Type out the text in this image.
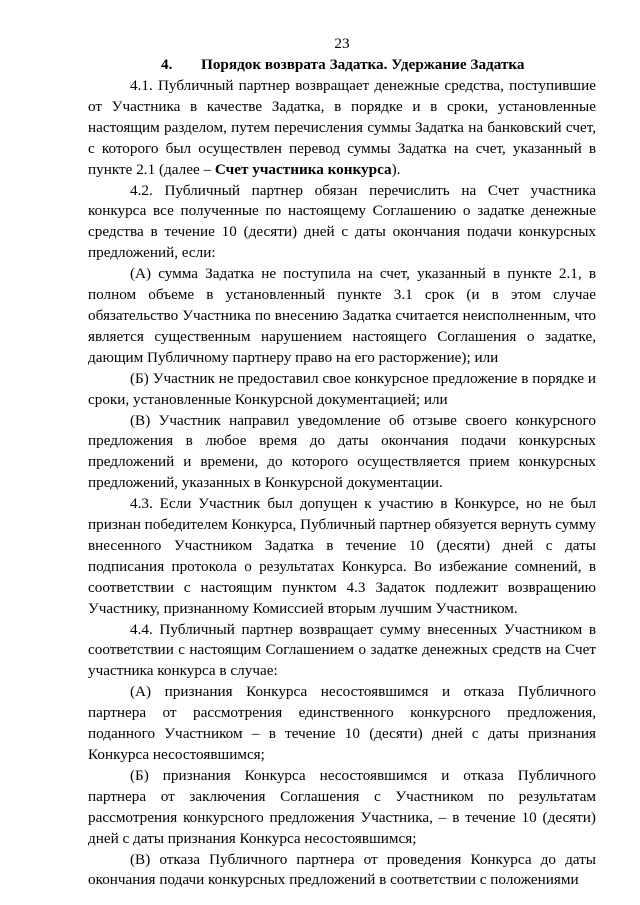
23
4. Порядок возврата Задатка. Удержание Задатка

4.1. Публичный партнер возвращает денежные средства, поступившие от Участника в качестве Задатка, в порядке и в сроки, установленные настоящим разделом, путем перечисления суммы Задатка на банковский счет, с которого был осуществлен перевод суммы Задатка на счет, указанный в пункте 2.1 (далее – Счет участника конкурса).

4.2. Публичный партнер обязан перечислить на Счет участника конкурса все полученные по настоящему Соглашению о задатке денежные средства в течение 10 (десяти) дней с даты окончания подачи конкурсных предложений, если:

(А) сумма Задатка не поступила на счет, указанный в пункте 2.1, в полном объеме в установленный пункте 3.1 срок (и в этом случае обязательство Участника по внесению Задатка считается неисполненным, что является существенным нарушением настоящего Соглашения о задатке, дающим Публичному партнеру право на его расторжение); или

(Б) Участник не предоставил свое конкурсное предложение в порядке и сроки, установленные Конкурсной документацией; или

(В) Участник направил уведомление об отзыве своего конкурсного предложения в любое время до даты окончания подачи конкурсных предложений и времени, до которого осуществляется прием конкурсных предложений, указанных в Конкурсной документации.

4.3. Если Участник был допущен к участию в Конкурсе, но не был признан победителем Конкурса, Публичный партнер обязуется вернуть сумму внесенного Участником Задатка в течение 10 (десяти) дней с даты подписания протокола о результатах Конкурса. Во избежание сомнений, в соответствии с настоящим пунктом 4.3 Задаток подлежит возвращению Участнику, признанному Комиссией вторым лучшим Участником.

4.4. Публичный партнер возвращает сумму внесенных Участником в соответствии с настоящим Соглашением о задатке денежных средств на Счет участника конкурса в случае:

(А) признания Конкурса несостоявшимся и отказа Публичного партнера от рассмотрения единственного конкурсного предложения, поданного Участником – в течение 10 (десяти) дней с даты признания Конкурса несостоявшимся;

(Б) признания Конкурса несостоявшимся и отказа Публичного партнера от заключения Соглашения с Участником по результатам рассмотрения конкурсного предложения Участника, – в течение 10 (десяти) дней с даты признания Конкурса несостоявшимся;

(В) отказа Публичного партнера от проведения Конкурса до даты окончания подачи конкурсных предложений в соответствии с положениями
